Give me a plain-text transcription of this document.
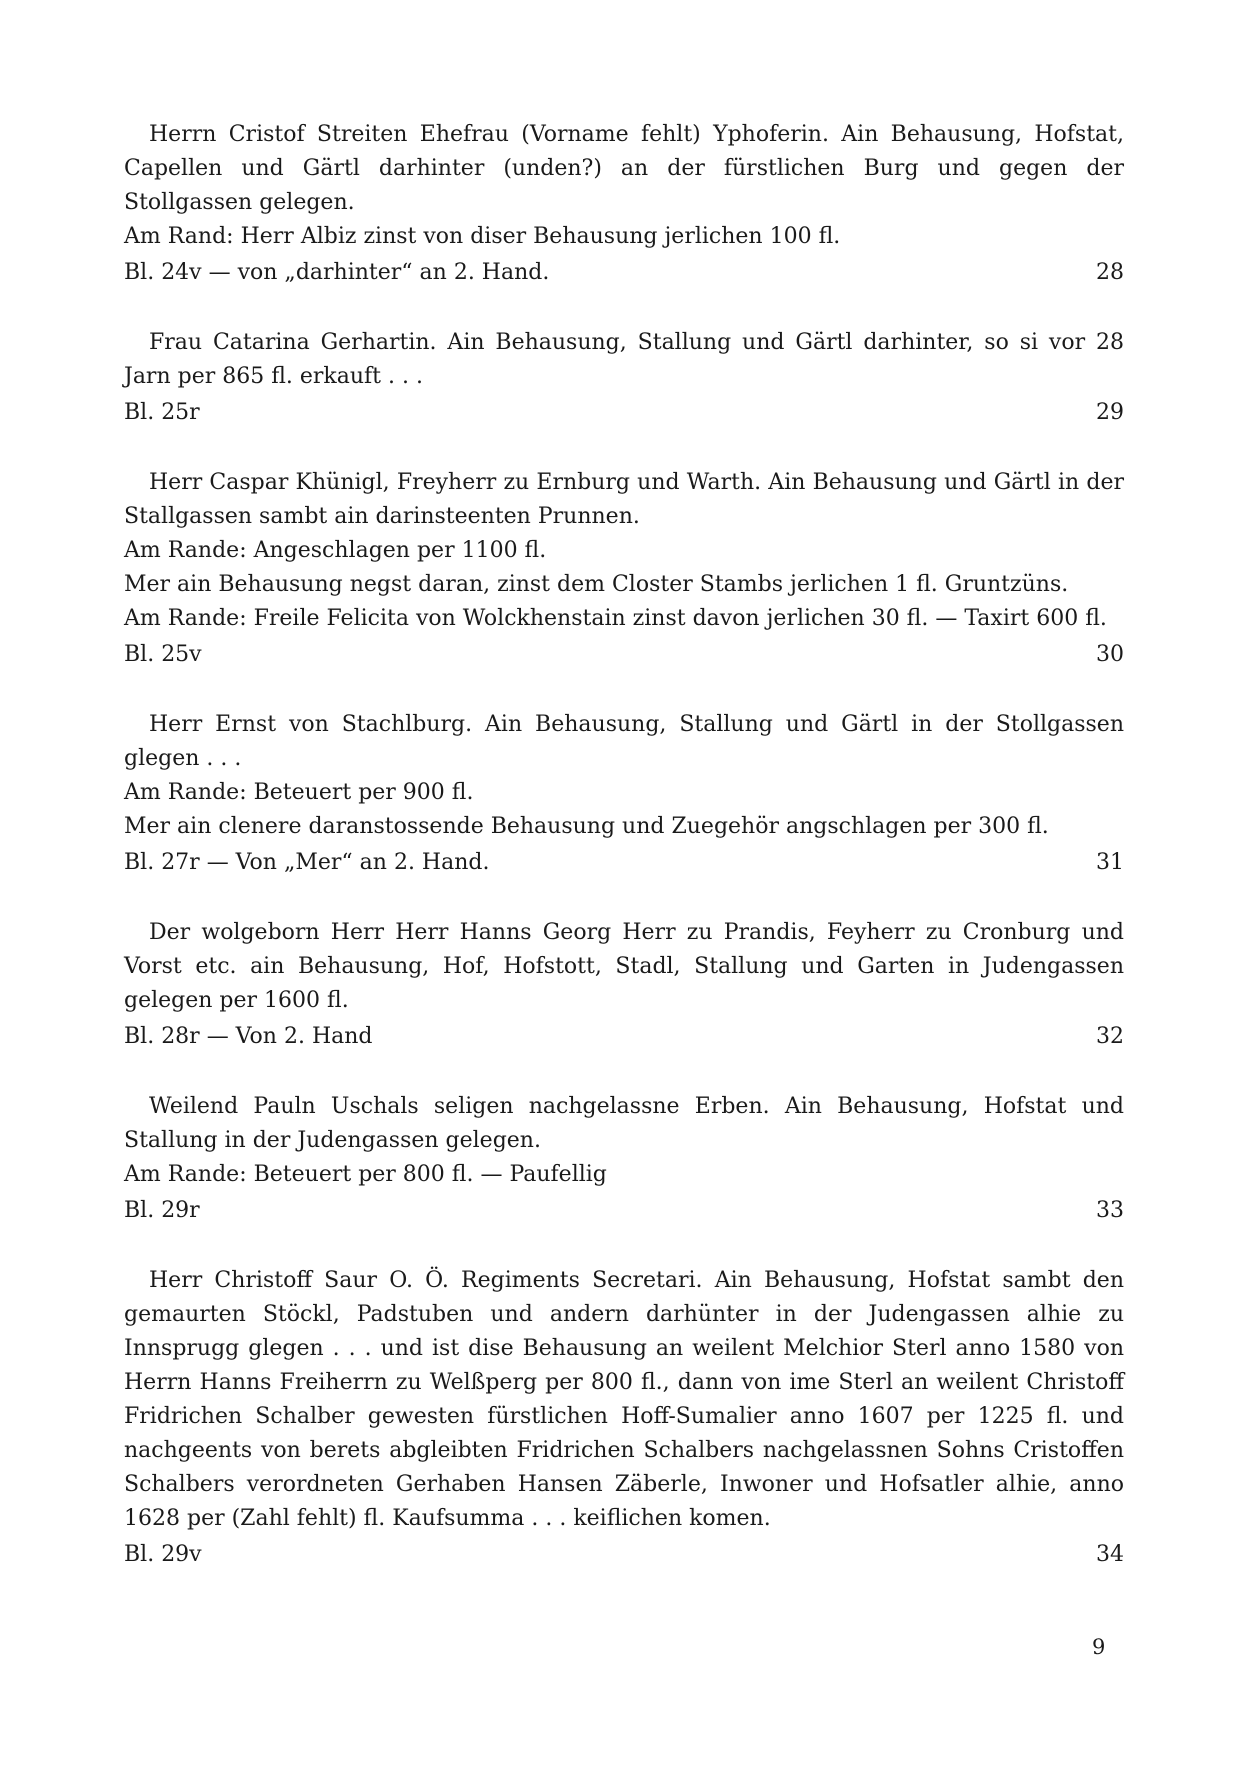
Herrn Cristof Streiten Ehefrau (Vorname fehlt) Yphoferin. Ain Behausung, Hofstat, Capellen und Gärtl darhinter (unden?) an der fürstlichen Burg und gegen der Stollgassen gelegen.

Am Rand: Herr Albiz zinst von diser Behausung jerlichen 100 fl.

Bl. 24v — von „darhinter“ an 2. Hand.	28

Frau Catarina Gerhartin. Ain Behausung, Stallung und Gärtl darhinter, so si vor 28 Jarn per 865 fl. erkauft . . .

Bl. 25r	29

Herr Caspar Khünigl, Freyherr zu Ernburg und Warth. Ain Behausung und Gärtl in der Stallgassen sambt ain darinsteenten Prunnen.

Am Rande: Angeschlagen per 1100 fl.

Mer ain Behausung negst daran, zinst dem Closter Stambs jerlichen 1 fl. Gruntzüns.

Am Rande: Freile Felicita von Wolckhenstain zinst davon jerlichen 30 fl. — Taxirt 600 fl.

Bl. 25v	30

Herr Ernst von Stachlburg. Ain Behausung, Stallung und Gärtl in der Stollgassen glegen . . .

Am Rande: Beteuert per 900 fl.

Mer ain clenere daranstossende Behausung und Zuegehör angschlagen per 300 fl.

Bl. 27r — Von „Mer“ an 2. Hand.	31

Der wolgeborn Herr Herr Hanns Georg Herr zu Prandis, Feyherr zu Cronburg und Vorst etc. ain Behausung, Hof, Hofstott, Stadl, Stallung und Garten in Judengassen gelegen per 1600 fl.

Bl. 28r — Von 2. Hand	32

Weilend Pauln Uschals seligen nachgelassne Erben. Ain Behausung, Hofstat und Stallung in der Judengassen gelegen.

Am Rande: Beteuert per 800 fl. — Paufellig

Bl. 29r	33

Herr Christoff Saur O. Ö. Regiments Secretari. Ain Behausung, Hofstat sambt den gemaurten Stöckl, Padstuben und andern darhünter in der Judengassen alhie zu Innsprugg glegen . . . und ist dise Behausung an weilent Melchior Sterl anno 1580 von Herrn Hanns Freiherrn zu Welßperg per 800 fl., dann von ime Sterl an weilent Christoff Fridrichen Schalber gewesten fürstlichen Hoff-Sumalier anno 1607 per 1225 fl. und nachgeents von berets abgleibten Fridrichen Schalbers nachgelassnen Sohns Cristoffen Schalbers verordneten Gerhaben Hansen Zäberle, Inwoner und Hofsatler alhie, anno 1628 per (Zahl fehlt) fl. Kaufsumma . . . keiflichen komen.

Bl. 29v	34
9
